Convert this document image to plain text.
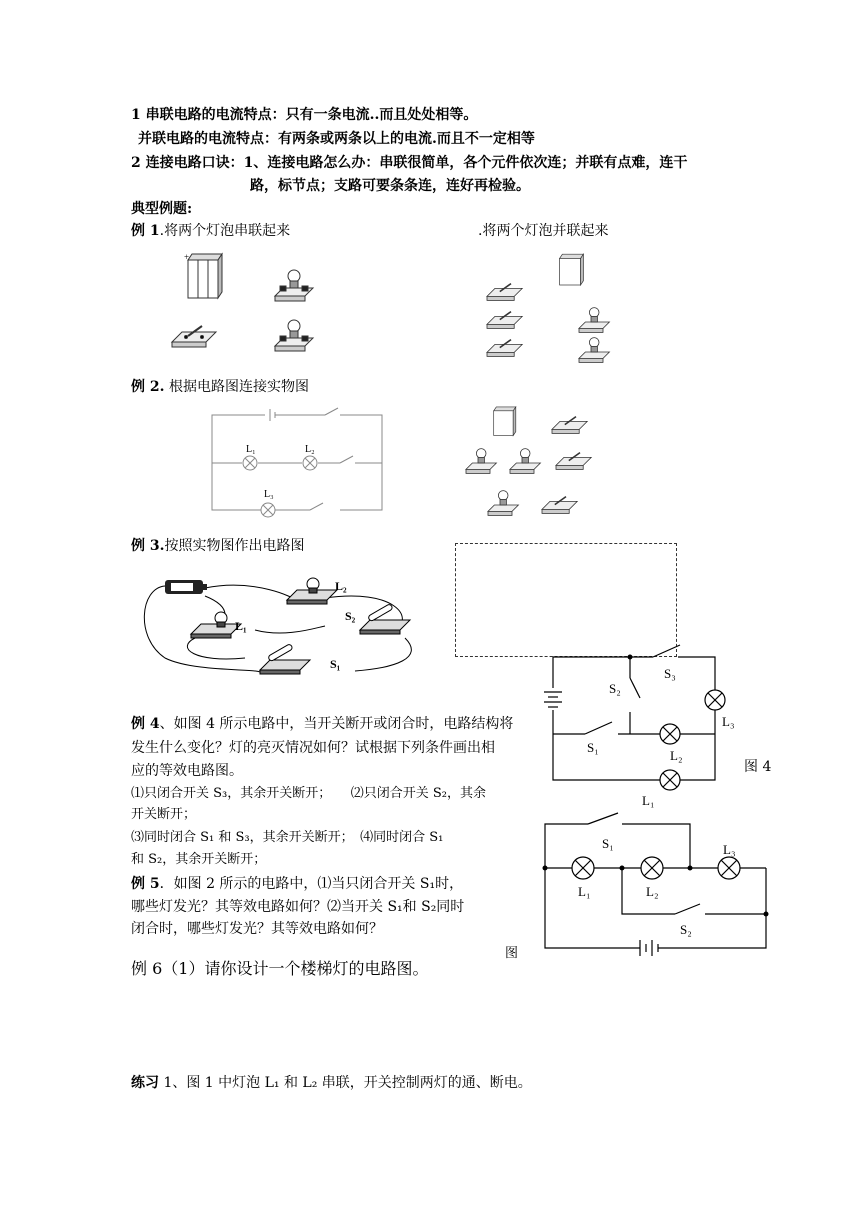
1 串联电路的电流特点：只有一条电流..而且处处相等。
并联电路的电流特点：有两条或两条以上的电流.而且不一定相等
2 连接电路口诀：1、连接电路怎么办：串联很简单，各个元件依次连；并联有点难，连干
路，标节点；支路可要条条连，连好再检验。
典型例题:
例 1.将两个灯泡串联起来	.将两个灯泡并联起来
+
例 2. 根据电路图连接实物图
L₁	L₂
L₃
例 3.按照实物图作出电路图
L₂
L₁
S₂
S₁
S₃
S₂
L₃
S₁
L₂
L₁
图 4
例 4、如图 4 所示电路中，当开关断开或闭合时，电路结构将
发生什么变化？灯的亮灭情况如何？试根据下列条件画出相
应的等效电路图。
⑴只闭合开关 S₃，其余开关断开；　　⑵只闭合开关 S₂，其余
开关断开；
⑶同时闭合 S₁ 和 S₃，其余开关断开；　⑷同时闭合 S₁
和 S₂，其余开关断开；
S₁	L₃
L₁	L₂
S₂
例 5．如图 2 所示的电路中，⑴当只闭合开关 S₁时，
哪些灯发光？其等效电路如何？⑵当开关 S₁和 S₂同时
闭合时，哪些灯发光？其等效电路如何？
图
例 6（1）请你设计一个楼梯灯的电路图。
练习 1、图 1 中灯泡 L₁ 和 L₂ 串联，开关控制两灯的通、断电。
